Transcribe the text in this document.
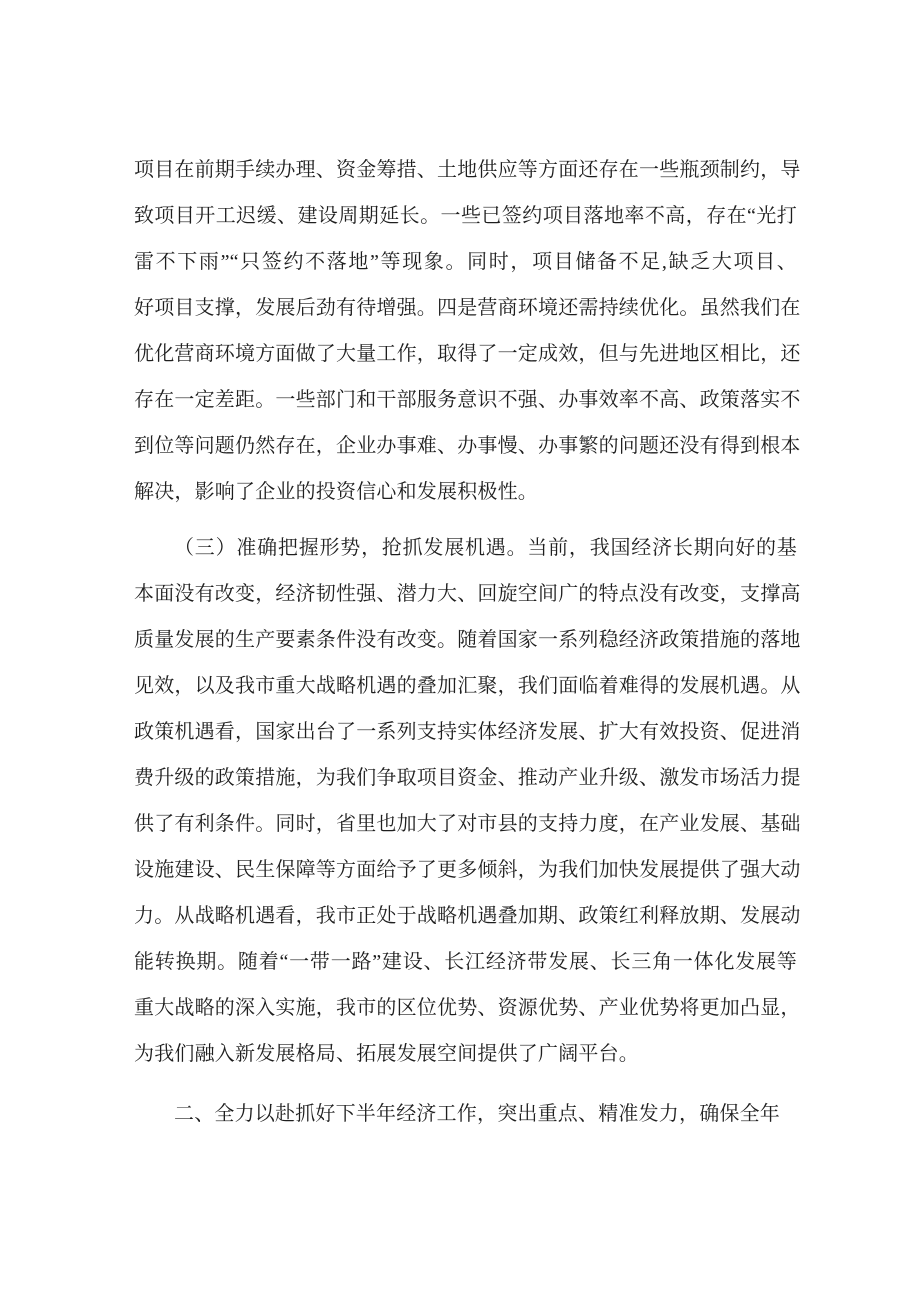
项目在前期手续办理、资金筹措、土地供应等方面还存在一些瓶颈制约，导
致项目开工迟缓、建设周期延长。一些已签约项目落地率不高，存在“光打
雷不下雨”“只签约不落地”等现象。同时，项目储备不足,缺乏大项目、
好项目支撑，发展后劲有待增强。四是营商环境还需持续优化。虽然我们在
优化营商环境方面做了大量工作，取得了一定成效，但与先进地区相比，还
存在一定差距。一些部门和干部服务意识不强、办事效率不高、政策落实不
到位等问题仍然存在，企业办事难、办事慢、办事繁的问题还没有得到根本
解决，影响了企业的投资信心和发展积极性。
（三）准确把握形势，抢抓发展机遇。当前，我国经济长期向好的基
本面没有改变，经济韧性强、潜力大、回旋空间广的特点没有改变，支撑高
质量发展的生产要素条件没有改变。随着国家一系列稳经济政策措施的落地
见效，以及我市重大战略机遇的叠加汇聚，我们面临着难得的发展机遇。从
政策机遇看，国家出台了一系列支持实体经济发展、扩大有效投资、促进消
费升级的政策措施，为我们争取项目资金、推动产业升级、激发市场活力提
供了有利条件。同时，省里也加大了对市县的支持力度，在产业发展、基础
设施建设、民生保障等方面给予了更多倾斜，为我们加快发展提供了强大动
力。从战略机遇看，我市正处于战略机遇叠加期、政策红利释放期、发展动
能转换期。随着“一带一路”建设、长江经济带发展、长三角一体化发展等
重大战略的深入实施，我市的区位优势、资源优势、产业优势将更加凸显，
为我们融入新发展格局、拓展发展空间提供了广阔平台。
二、全力以赴抓好下半年经济工作，突出重点、精准发力，确保全年
